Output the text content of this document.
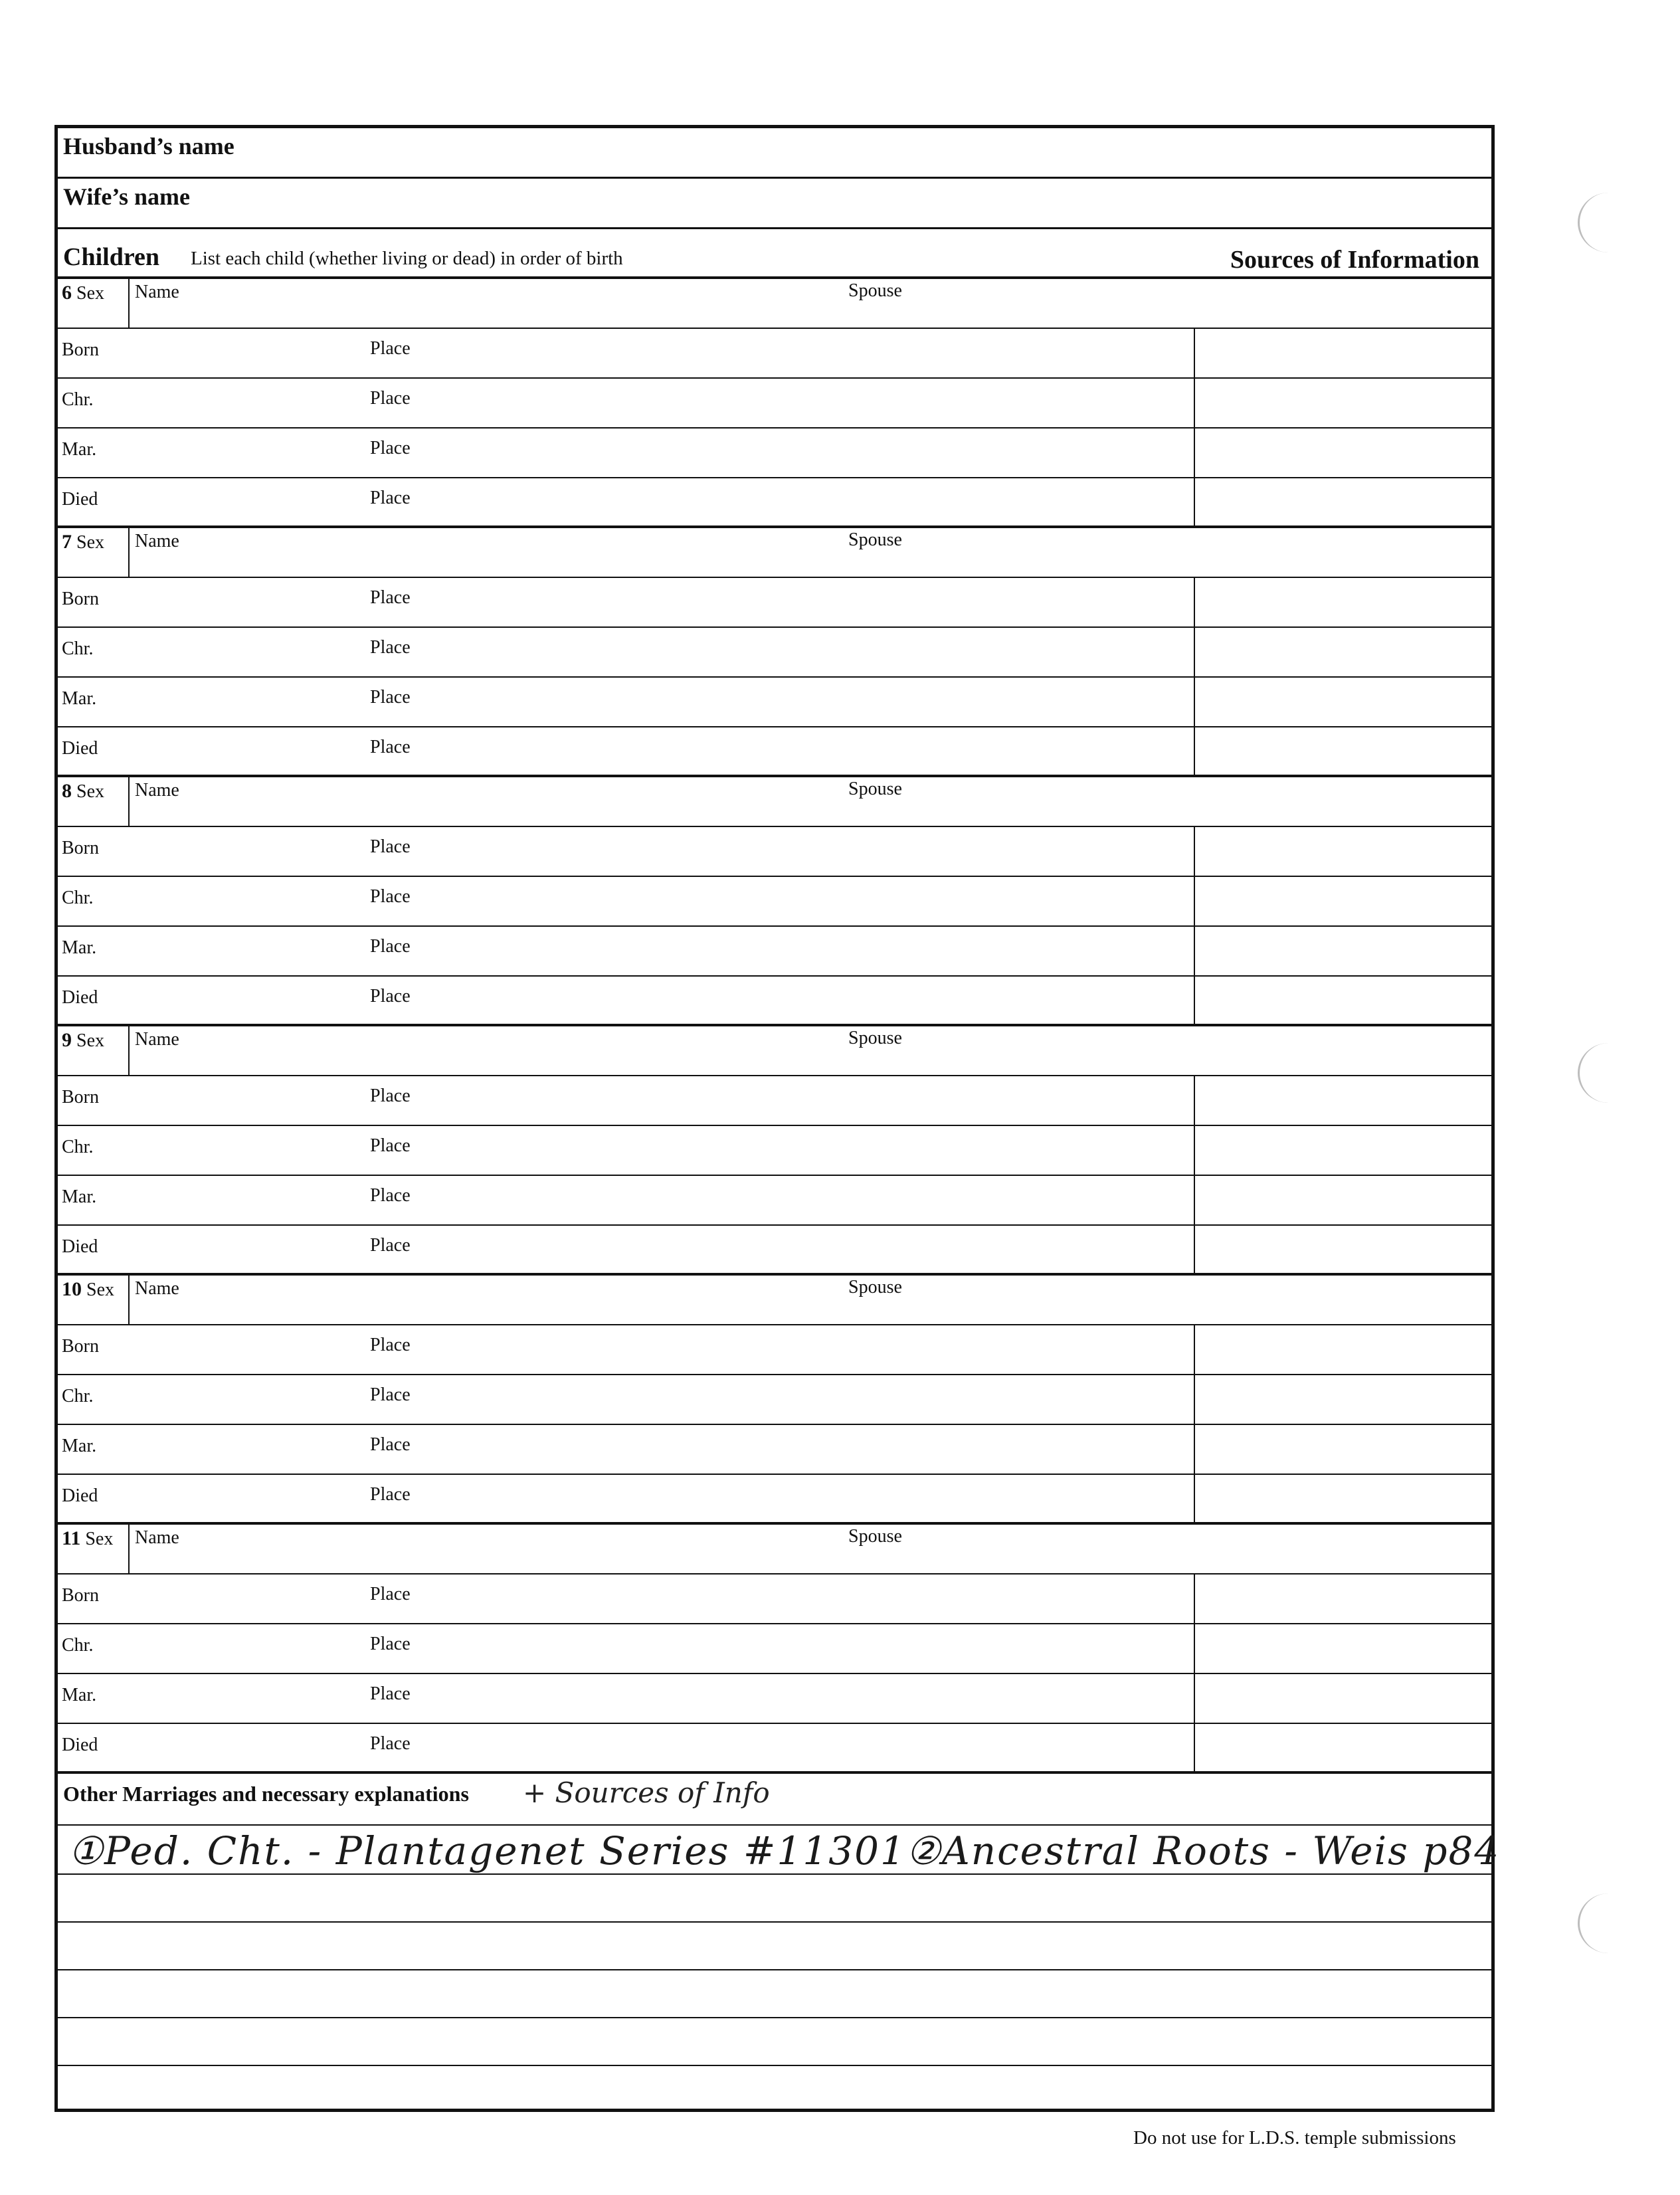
Husband’s name
Wife’s name
Children List each child (whether living or dead) in order of birth	Sources of Information
6 Sex Name	Spouse
Born	Place
Chr.	Place
Mar.	Place
Died	Place
7 Sex Name	Spouse
Born	Place
Chr.	Place
Mar.	Place
Died	Place
8 Sex Name	Spouse
Born	Place
Chr.	Place
Mar.	Place
Died	Place
9 Sex Name	Spouse
Born	Place
Chr.	Place
Mar.	Place
Died	Place
10 Sex Name	Spouse
Born	Place
Chr.	Place
Mar.	Place
Died	Place
11 Sex Name	Spouse
Born	Place
Chr.	Place
Mar.	Place
Died	Place
Other Marriages and necessary explanations + Sources of Info
①Ped. Cht. - Plantagenet Series #11301②Ancestral Roots - Weis p84
Do not use for L.D.S. temple submissions
